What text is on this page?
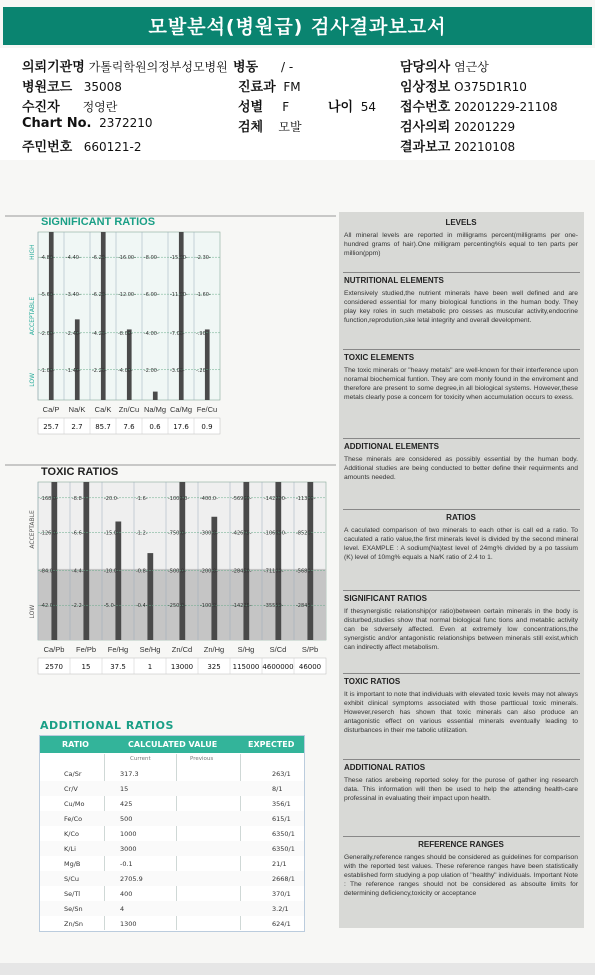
모발분석(병원급) 검사결과보고서
의뢰기관명 가톨릭학원의정부성모병원 병동 / -	담당의사 염근상
병원코드 35008	진료과 FM	임상정보 O375D1R10
수진자 정영란	성별 F	나이 54 접수번호 20201229-21108
Chart No. 2372210	검체 모발	검사의뢰 20201229
주민번호 660121-2	결과보고 20210108
SIGNIFICANT RATIOS
HIGH
ACCEPTABLE
LOW
-4.80- -4.40- -6.20- -16.00- -8.00- -15.00- -2.30-
-5.60- -3.40- -6.20- -12.00- -6.00- -11.00- -1.60-
-2.00- -2.40- -4.20- -8.00- -4.00- -7.00- -.90-
-1.00- -1.40- -2.20- -4.00- -2.00- -3.00- -.20-
Ca/P Na/K Ca/K Zn/Cu Na/Mg Ca/Mg Fe/Cu
25.7 2.7 85.7 7.6 0.6 17.6 0.9
TOXIC RATIOS
ACCEPTABLE
LOW
-168.0-	-8.8-	-20.0-	-1.6-	-1000.0- -400.0-	-56900- -142200- -11300-
-126.0-	-6.6-	-15.0-	-1.2-	-750.0-	-300.0-	-42675- -106650- -8526-
-84.0-	-4.4-	-10.0-	-0.8-	-500.0-	-200.0-	-28450- -71100- -5680-
-42.0-	-2.2-	-5.0-	-0.4-	-250.0-	-100.0-	-14225- -35550- -2845-
Ca/Pb Fe/Pb Fe/Hg Se/Hg Zn/Cd Zn/Hg S/Hg S/Cd S/Pb
2570	15	37.5	1	13000 325 115000 4600000 46000
ADDITIONAL RATIOS
RATIO	CALCULATED VALUE	EXPECTED
Current	Previous
Ca/Sr	317.3	263/1
Cr/V	15	8/1
Cu/Mo	425	356/1
Fe/Co	500	615/1
K/Co	1000	6350/1
K/Li	3000	6350/1
Mg/B	-0.1	21/1
S/Cu	2705.9	2668/1
Se/Tl	400	370/1
Se/Sn	4	3.2/1
Zn/Sn	1300	624/1
LEVELS

All mineral levels are reported in milligrams percent(milligrams per one-hundred grams of hair).One milligram percenting%Is equal to ten parts per million(ppm)

NUTRITIONAL ELEMENTS

Extensively studied,the nutrient minerals have been well defined and are considered essential for many biological functions in the human body. They play key roles in such metabolic pro cesses as muscular activity,endocrine function,reprodution,ske letal integrity and overall development.

TOXIC ELEMENTS

The toxic minerals or "heavy metals" are well-known for their interference upon noramal biochemical funtion. They are com monly found in the enviroment and therefore are present to some degree,in all biological systems. However,these metals clearly pose a concern for toxicity when accumulation occurs to exess.

ADDITIONAL ELEMENTS

These minerals are considered as possibly essential by the human body. Additional studies are being conducted to better define their requirments and amounts needed.

RATIOS

A caculated comparison of two minerals to each other is call ed a ratio. To caculated a ratio value,the first minerals level is divided by the second mineral level. EXAMPLE : A sodium(Na)test level of 24mg% divided by a po tassium (K) level of 10mg% equals a Na/K ratio of 2.4 to 1.

SIGNIFICANT RATIOS

If thesynergistic relationship(or ratio)between certain minerals in the body is disturbed,studies show that normal biological func tions and metablic activity can be sdversely affected. Even at extremely low concentrations,the synergistic and/or antagonistic relationships between minerals still exist,which can indirectly affect metabolism.

TOXIC RATIOS

It is important to note that individuals with elevated toxic levels may not always exhibit clinical symptoms associated with those partticual toxic minerals. However,reserch has shown that toxic minerals can also produce an antagonistic effect on various essential minerals eventually leading to disturbances in their me tabolic utilization.

ADDITIONAL RATIOS

These ratios arebeing reported soley for the purose of gather ing research data. This information will then be used to help the attending health-care professinal in evaluating their impact upon health.

REFERENCE RANGES

Generally,reference ranges should be considered as guidelines for comparison with the reported test values. These reference ranges have been statistically established form studying a pop ulation of "healthy" individuals. Important Note : The reference ranges should not be considered as absoulte limits for determining deficiency,toxicity or acceptance
